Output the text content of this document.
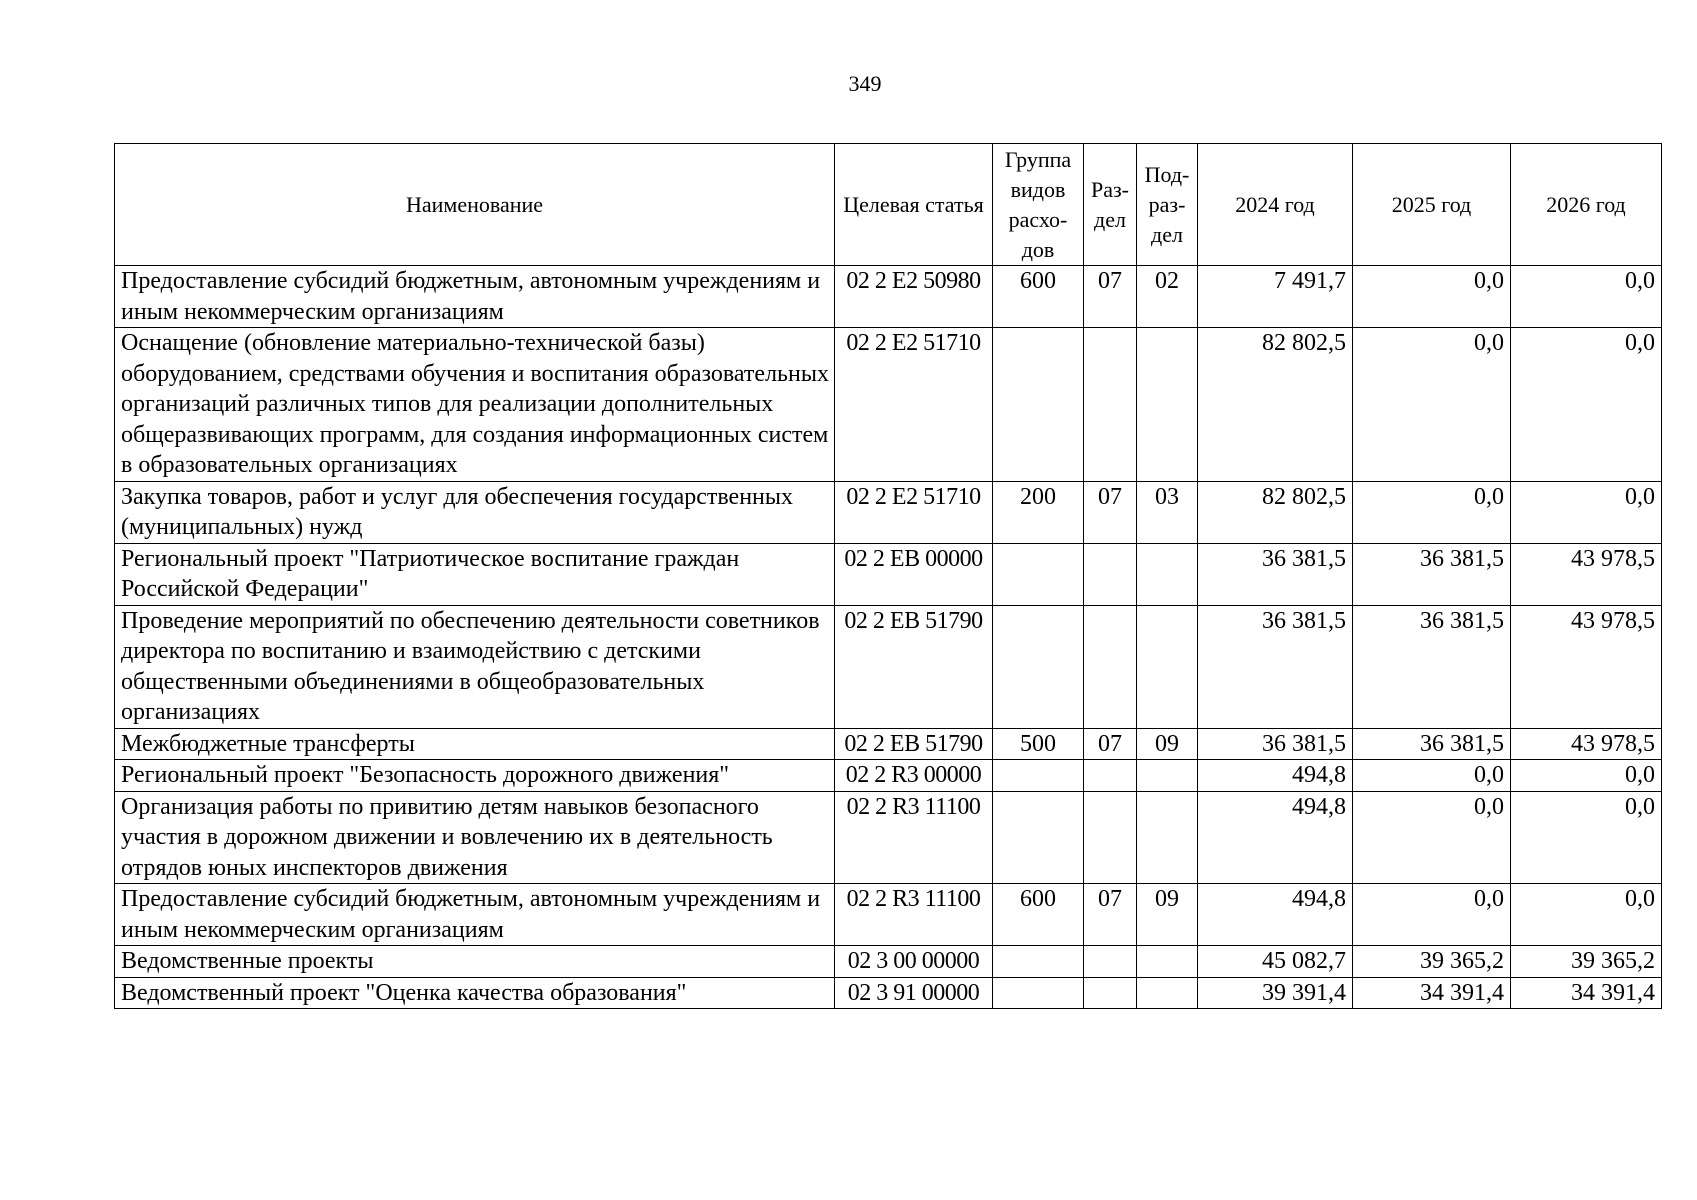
349
Наименование	Целевая статья	Группа видов расхо-дов	Раз-дел	Под-раз-дел	2024 год	2025 год	2026 год
Предоставление субсидий бюджетным, автономным учреждениям и иным некоммерческим организациям	02 2 Е2 50980	600	07	02	7 491,7	0,0	0,0
Оснащение (обновление материально-технической базы) оборудованием, средствами обучения и воспитания образовательных организаций различных типов для реализации дополнительных общеразвивающих программ, для создания информационных систем в образовательных организациях	02 2 Е2 51710				82 802,5	0,0	0,0
Закупка товаров, работ и услуг для обеспечения государственных (муниципальных) нужд	02 2 Е2 51710	200	07	03	82 802,5	0,0	0,0
Региональный проект "Патриотическое воспитание граждан Российской Федерации"	02 2 ЕВ 00000				36 381,5	36 381,5	43 978,5
Проведение мероприятий по обеспечению деятельности советников директора по воспитанию и взаимодействию с детскими общественными объединениями в общеобразовательных организациях	02 2 ЕВ 51790				36 381,5	36 381,5	43 978,5
Межбюджетные трансферты	02 2 ЕВ 51790	500	07	09	36 381,5	36 381,5	43 978,5
Региональный проект "Безопасность дорожного движения"	02 2 R3 00000				494,8	0,0	0,0
Организация работы по привитию детям навыков безопасного участия в дорожном движении и вовлечению их в деятельность отрядов юных инспекторов движения	02 2 R3 11100				494,8	0,0	0,0
Предоставление субсидий бюджетным, автономным учреждениям и иным некоммерческим организациям	02 2 R3 11100	600	07	09	494,8	0,0	0,0
Ведомственные проекты	02 3 00 00000				45 082,7	39 365,2	39 365,2
Ведомственный проект "Оценка качества образования"	02 3 91 00000				39 391,4	34 391,4	34 391,4
